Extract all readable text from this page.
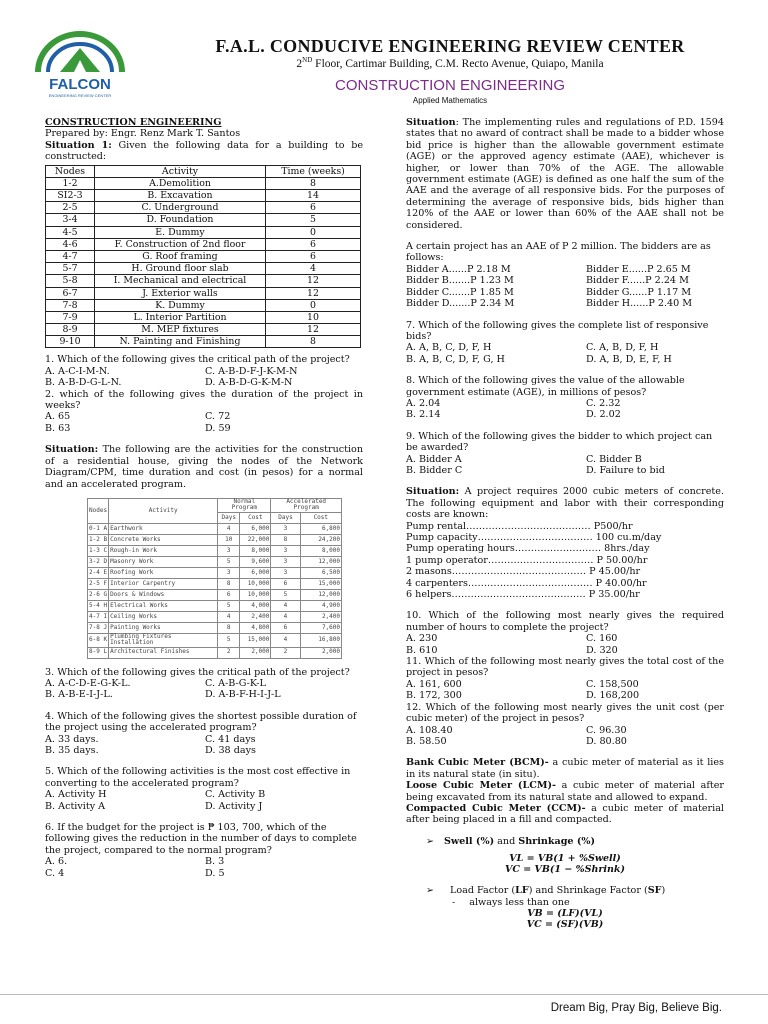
FALCON
ENGINEERING REVIEW CENTER
F.A.L. CONDUCIVE ENGINEERING REVIEW CENTER
2ND Floor, Cartimar Building, C.M. Recto Avenue, Quiapo, Manila
CONSTRUCTION ENGINEERING
Applied Mathematics

CONSTRUCTION ENGINEERING

Prepared by: Engr. Renz Mark T. Santos

Situation 1: Given the following data for a building to be constructed:

Nodes	Activity	Time (weeks)
1-2	A.Demolition	8
SI2-3	B. Excavation	14
2-5	C. Underground	6
3-4	D. Foundation	5
4-5	E. Dummy	0
4-6	F. Construction of 2nd floor	6
4-7	G. Roof framing	6
5-7	H. Ground floor slab	4
5-8	I. Mechanical and electrical	12
6-7	J. Exterior walls	12
7-8	K. Dummy	0
7-9	L. Interior Partition	10
8-9	M. MEP fixtures	12
9-10	N. Painting and Finishing	8

1. Which of the following gives the critical path of the project?

A. A-C-I-M-N.	C. A-B-D-F-J-K-M-N
B. A-B-D-G-L-N.	D. A-B-D-G-K-M-N

2. which of the following gives the duration of the project in weeks?

A. 65	C. 72
B. 63	D. 59

Situation: The following are the activities for the construction of a residential house, giving the nodes of the Network Diagram/CPM, time duration and cost (in pesos) for a normal and an accelerated program.

Nodes	Activity	Normal Program		Accelerated Program	
		Days	Cost	Days	Cost
0-1 A	Earthwork	4	6,000	3	6,800
1-2 B	Concrete Works	10	22,000	8	24,200
1-3 C	Rough-in Work	3	8,000	3	8,000
3-2 D	Masonry Work	5	9,600	3	12,000
2-4 E	Roofing Work	3	6,000	3	6,500
2-5 F	Interior Carpentry	8	10,000	6	15,000
2-6 G	Doors & Windows	6	10,000	5	12,000
5-4 H	Electrical Works	5	4,000	4	4,900
4-7 I	Ceiling Works	4	2,400	4	2,400
7-8 J	Painting Works	8	4,800	6	7,600
6-8 K	Plumbing Fixtures Installation	5	15,000	4	16,800
8-9 L	Architectural Finishes	2	2,000	2	2,000

3. Which of the following gives the critical path of the project?

A. A-C-D-E-G-K-L.	C. A-B-G-K-L
B. A-B-E-I-J-L.	D. A-B-F-H-I-J-L

4. Which of the following gives the shortest possible duration of the project using the accelerated program?

A. 33 days.	C. 41 days
B. 35 days.	D. 38 days

5. Which of the following activities is the most cost effective in converting to the accelerated program?

A. Activity H	C. Activity B
B. Activity A	D. Activity J

6. If the budget for the project is ₱ 103, 700, which of the following gives the reduction in the number of days to complete the project, compared to the normal program?

A. 6.	B. 3
C. 4	D. 5

Situation: The implementing rules and regulations of P.D. 1594 states that no award of contract shall be made to a bidder whose bid price is higher than the allowable government estimate (AGE) or the approved agency estimate (AAE), whichever is higher, or lower than 70% of the AGE. The allowable government estimate (AGE) is defined as one half the sum of the AAE and the average of all responsive bids. For the purposes of determining the average of responsive bids, bids higher than 120% of the AAE or lower than 60% of the AAE shall not be considered.

A certain project has an AAE of P 2 million. The bidders are as follows:

Bidder A......P 2.18 M	Bidder E......P 2.65 M
Bidder B.......P 1.23 M	Bidder F......P 2.24 M
Bidder C.......P 1.85 M	Bidder G......P 1.17 M
Bidder D.......P 2.34 M	Bidder H......P 2.40 M

7. Which of the following gives the complete list of responsive bids?

A. A, B, C, D, F, H	C. A, B, D, F, H
B. A, B, C, D, F, G, H	D. A, B, D, E, F, H

8. Which of the following gives the value of the allowable government estimate (AGE), in millions of pesos?

A. 2.04	C. 2.32
B. 2.14	D. 2.02

9. Which of the following gives the bidder to which project can be awarded?

A. Bidder A	C. Bidder B
B. Bidder C	D. Failure to bid

Situation: A project requires 2000 cubic meters of concrete. The following equipment and labor with their corresponding costs are known:

Pump rental………………………………… P500/hr

Pump capacity……………………………… 100 cu.m/day

Pump operating hours……………………… 8hrs./day

1 pump operator…………………………… P 50.00/hr

2 masons…………………………………… P 45.00/hr

4 carpenters………………………………… P 40.00/hr

6 helpers…………………………………… P 35.00/hr

10. Which of the following most nearly gives the required number of hours to complete the project?

A. 230	C. 160
B. 610	D. 320

11. Which of the following most nearly gives the total cost of the project in pesos?

A. 161, 600	C. 158,500
B. 172, 300	D. 168,200

12. Which of the following most nearly gives the unit cost (per cubic meter) of the project in pesos?

A. 108.40	C. 96.30
B. 58.50	D. 80.80

Bank Cubic Meter (BCM)- a cubic meter of material as it lies in its natural state (in situ).

Loose Cubic Meter (LCM)- a cubic meter of material after being excavated from its natural state and allowed to expand.

Compacted Cubic Meter (CCM)- a cubic meter of material after being placed in a fill and compacted.

➢ Swell (%) and Shrinkage (%)

VL = VB(1 + %Swell)

VC = VB(1 − %Shrink)

➢ Load Factor (LF) and Shrinkage Factor (SF)

- always less than one

VB = (LF)(VL)

VC = (SF)(VB)

Dream Big, Pray Big, Believe Big.
